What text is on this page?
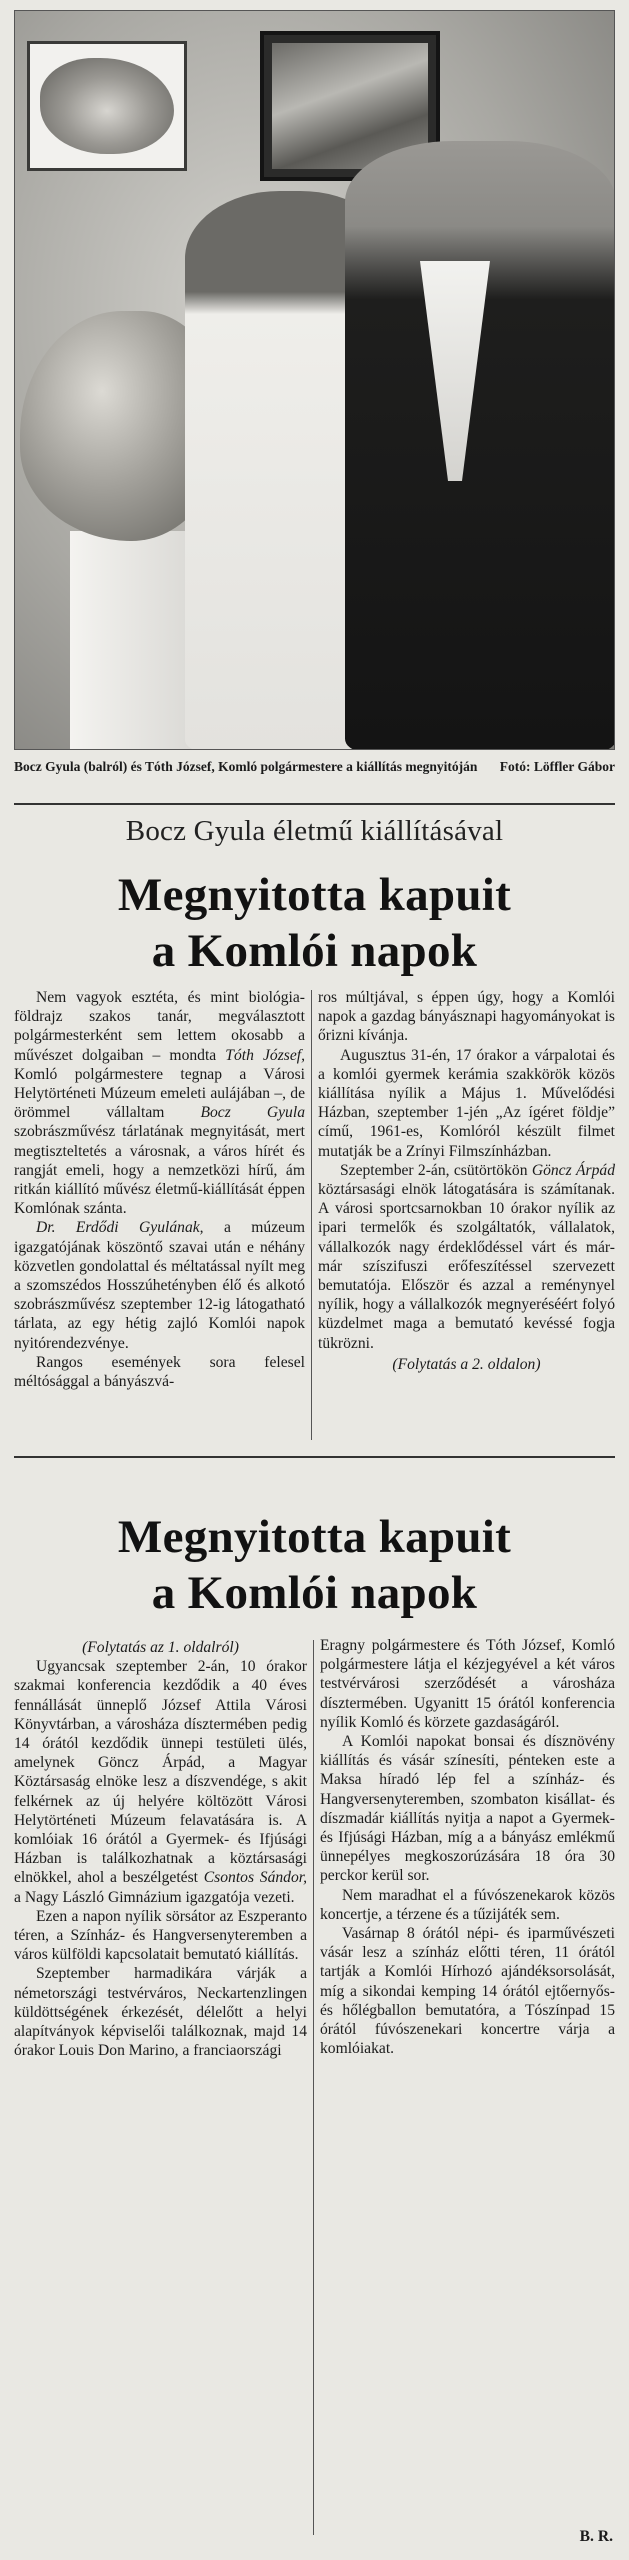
Bocz Gyula (balról) és Tóth József, Komló polgármestere a kiállítás megnyitóján Fotó: Löffler Gábor
Bocz Gyula életmű kiállításával
Megnyitotta kapuit
a Komlói napok

Nem vagyok esztéta, és mint biológia-földrajz szakos tanár, megválasztott polgármesterként sem lettem okosabb a művészet dolgaiban – mondta Tóth József, Komló polgármestere tegnap a Városi Helytörténeti Múzeum emeleti aulájában –, de örömmel vállaltam Bocz Gyula szobrászművész tárlatának megnyitását, mert megtiszteltetés a városnak, a város hírét és rangját emeli, hogy a nemzetközi hírű, ám ritkán kiállító művész életmű-kiállítását éppen Komlónak szánta.

Dr. Erdődi Gyulának, a múzeum igazgatójának köszöntő szavai után e néhány közvetlen gondolattal és méltatással nyílt meg a szomszédos Hosszúhetényben élő és alkotó szobrászművész szeptember 12-ig látogatható tárlata, az egy hétig zajló Komlói napok nyitórendezvénye.

Rangos események sora felesel méltósággal a bányászvá-

ros múltjával, s éppen úgy, hogy a Komlói napok a gazdag bányásznapi hagyományokat is őrizni kívánja.

Augusztus 31-én, 17 órakor a várpalotai és a komlói gyermek kerámia szakkörök közös kiállítása nyílik a Május 1. Művelődési Házban, szeptember 1-jén „Az ígéret földje” című, 1961-es, Komlóról készült filmet mutatják be a Zrínyi Filmszínházban.

Szeptember 2-án, csütörtökön Göncz Árpád köztársasági elnök látogatására is számítanak. A városi sportcsarnokban 10 órakor nyílik az ipari termelők és szolgáltatók, vállalatok, vállalkozók nagy érdeklődéssel várt és már-már szíszifuszi erőfeszítéssel szervezett bemutatója. Először és azzal a reménynyel nyílik, hogy a vállalkozók megnyeréséért folyó küzdelmet maga a bemutató kevéssé fogja tükrözni.

(Folytatás a 2. oldalon)

Megnyitotta kapuit
a Komlói napok

(Folytatás az 1. oldalról)

Ugyancsak szeptember 2-án, 10 órakor szakmai konferencia kezdődik a 40 éves fennállását ünneplő József Attila Városi Könyvtárban, a városháza dísztermében pedig 14 órától kezdődik ünnepi testületi ülés, amelynek Göncz Árpád, a Magyar Köztársaság elnöke lesz a díszvendége, s akit felkérnek az új helyére költözött Városi Helytörténeti Múzeum felavatására is. A komlóiak 16 órától a Gyermek- és Ifjúsági Házban is találkozhatnak a köztársasági elnökkel, ahol a beszélgetést Csontos Sándor, a Nagy László Gimnázium igazgatója vezeti.

Ezen a napon nyílik sörsátor az Eszperanto téren, a Színház- és Hangversenyteremben a város külföldi kapcsolatait bemutató kiállítás.

Szeptember harmadikára várják a németországi testvérváros, Neckartenzlingen küldöttségének érkezését, délelőtt a helyi alapítványok képviselői találkoznak, majd 14 órakor Louis Don Marino, a franciaországi

Eragny polgármestere és Tóth József, Komló polgármestere látja el kézjegyével a két város testvérvárosi szerződését a városháza dísztermében. Ugyanitt 15 órától konferencia nyílik Komló és körzete gazdaságáról.

A Komlói napokat bonsai és dísznövény kiállítás és vásár színesíti, pénteken este a Maksa híradó lép fel a színház- és Hangversenyteremben, szombaton kisállat- és díszmadár kiállítás nyitja a napot a Gyermek- és Ifjúsági Házban, míg a a bányász emlékmű ünnepélyes megkoszorúzására 18 óra 30 perckor kerül sor.

Nem maradhat el a fúvószenekarok közös koncertje, a térzene és a tűzijáték sem.

Vasárnap 8 órától népi- és iparművészeti vásár lesz a színház előtti téren, 11 órától tartják a Komlói Hírhozó ajándéksorsolását, míg a sikondai kemping 14 órától ejtőernyős- és hőlégballon bemutatóra, a Tószínpad 15 órától fúvószenekari koncertre várja a komlóiakat.

B. R.
